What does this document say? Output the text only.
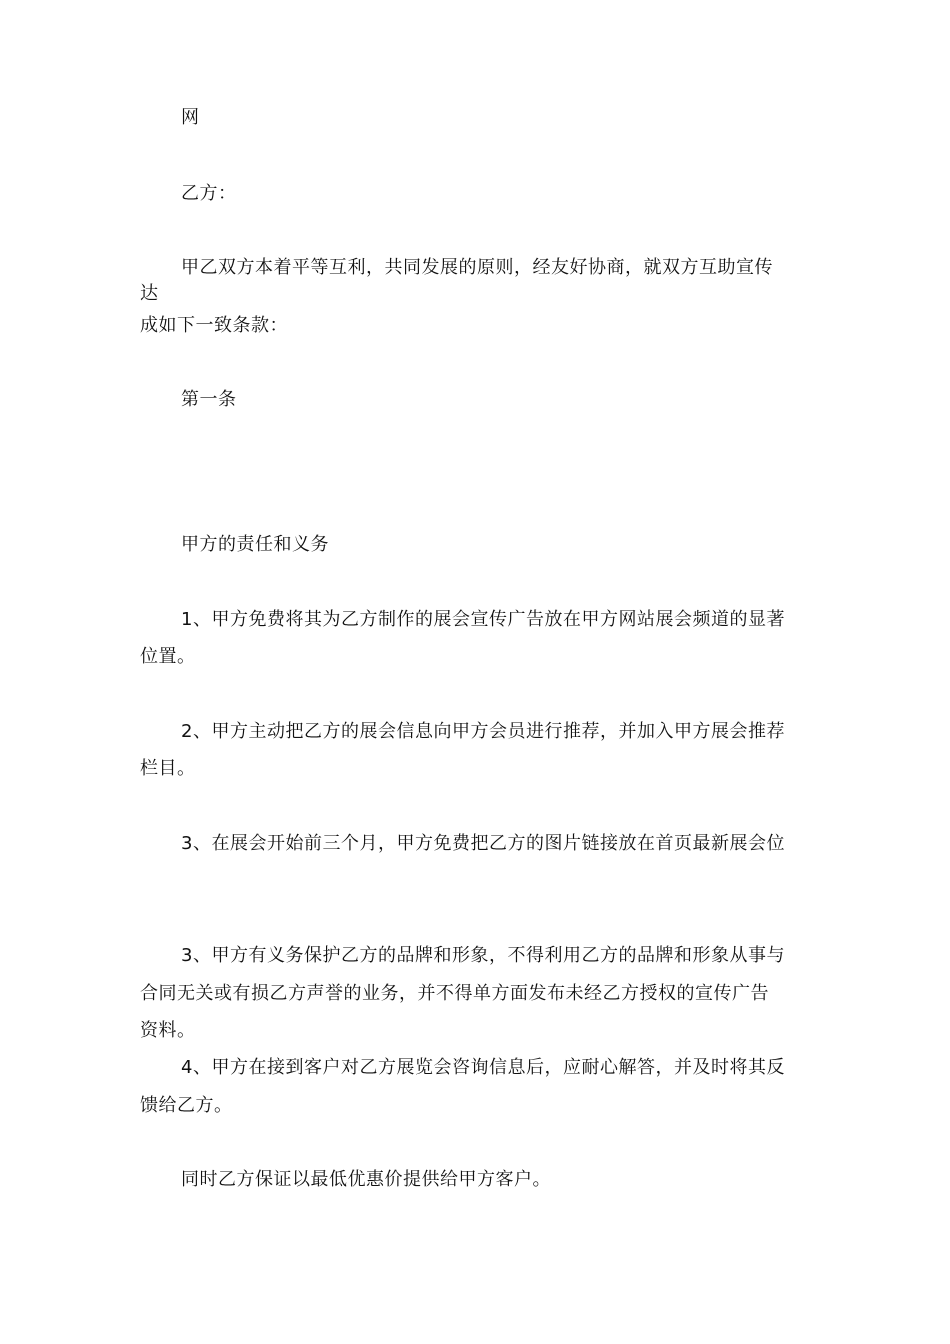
网
乙方：
甲乙双方本着平等互利，共同发展的原则，经友好协商，就双方互助宣传
达
成如下一致条款：
第一条
甲方的责任和义务
1、甲方免费将其为乙方制作的展会宣传广告放在甲方网站展会频道的显著
位置。
2、甲方主动把乙方的展会信息向甲方会员进行推荐，并加入甲方展会推荐
栏目。
3、在展会开始前三个月，甲方免费把乙方的图片链接放在首页最新展会位
3、甲方有义务保护乙方的品牌和形象，不得利用乙方的品牌和形象从事与
合同无关或有损乙方声誉的业务，并不得单方面发布未经乙方授权的宣传广告
资料。
4、甲方在接到客户对乙方展览会咨询信息后，应耐心解答，并及时将其反
馈给乙方。
同时乙方保证以最低优惠价提供给甲方客户。
